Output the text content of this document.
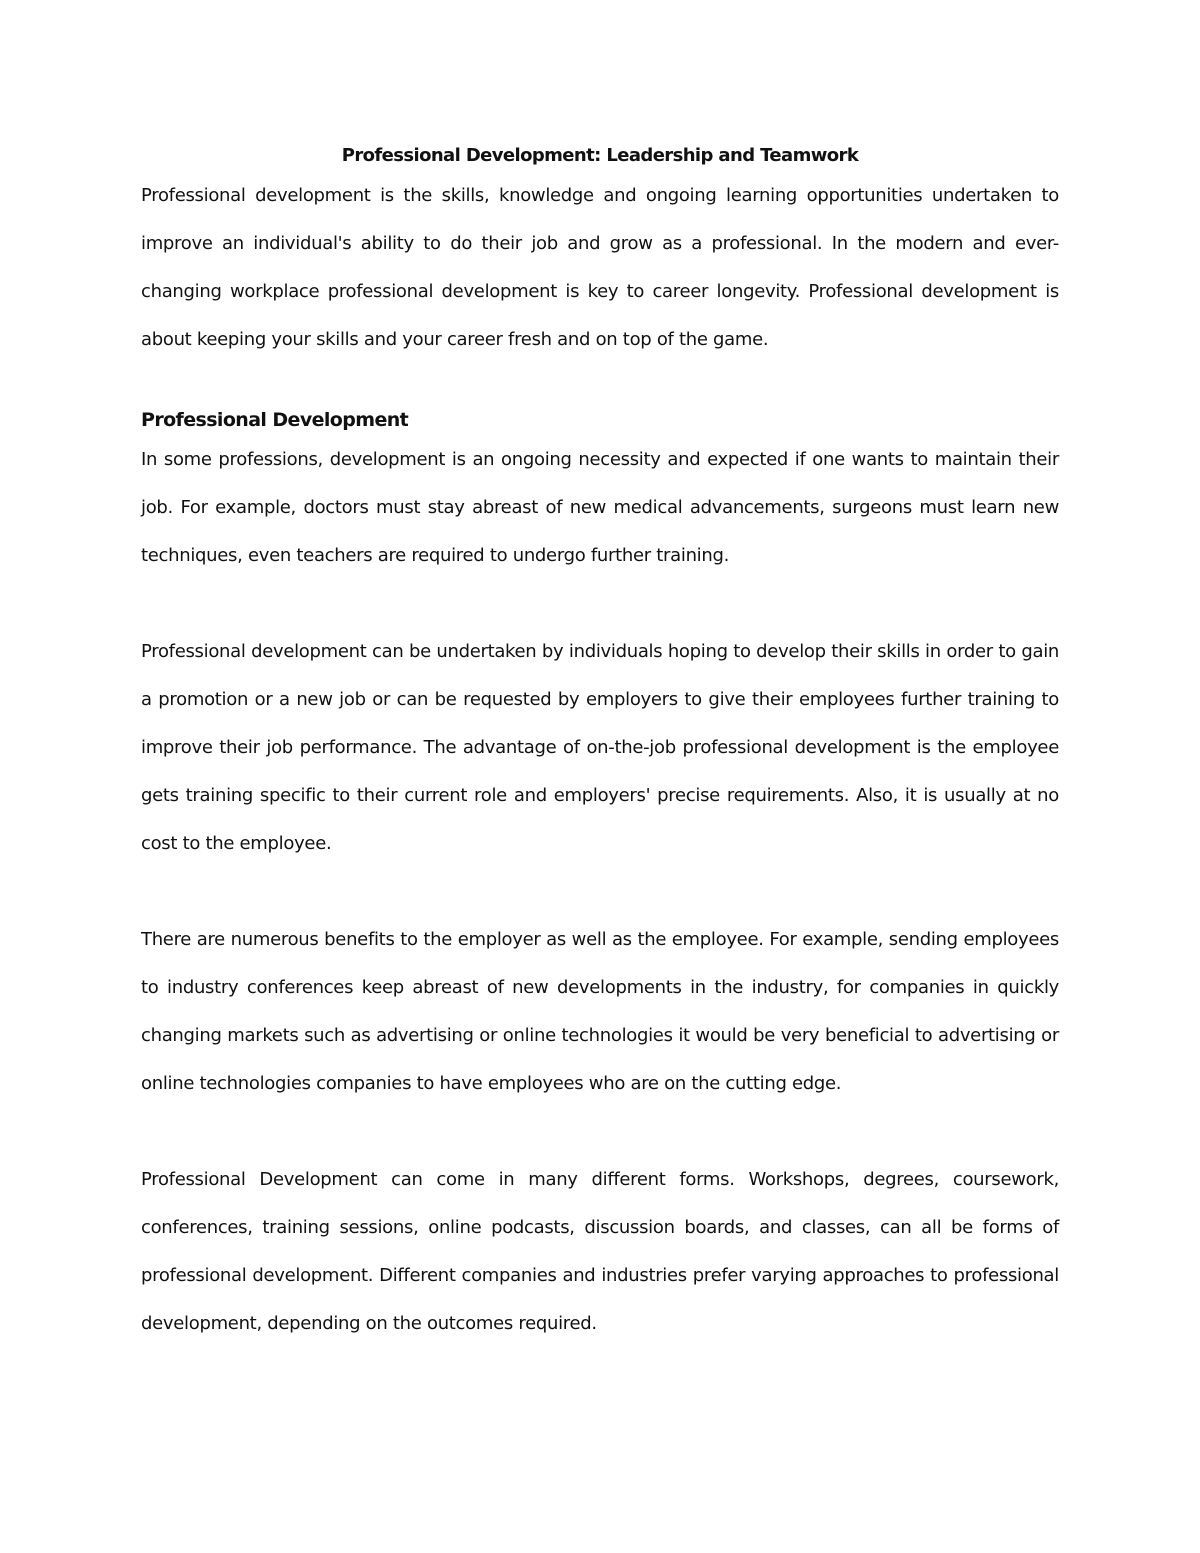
Professional Development: Leadership and Teamwork

Professional development is the skills, knowledge and ongoing learning opportunities undertaken to improve an individual's ability to do their job and grow as a professional. In the modern and ever-changing workplace professional development is key to career longevity. Professional development is about keeping your skills and your career fresh and on top of the game.

Professional Development

In some professions, development is an ongoing necessity and expected if one wants to maintain their job. For example, doctors must stay abreast of new medical advancements, surgeons must learn new techniques, even teachers are required to undergo further training.

Professional development can be undertaken by individuals hoping to develop their skills in order to gain a promotion or a new job or can be requested by employers to give their employees further training to improve their job performance. The advantage of on-the-job professional development is the employee gets training specific to their current role and employers' precise requirements. Also, it is usually at no cost to the employee.

There are numerous benefits to the employer as well as the employee. For example, sending employees to industry conferences keep abreast of new developments in the industry, for companies in quickly changing markets such as advertising or online technologies it would be very beneficial to advertising or online technologies companies to have employees who are on the cutting edge.

Professional Development can come in many different forms. Workshops, degrees, coursework, conferences, training sessions, online podcasts, discussion boards, and classes, can all be forms of professional development. Different companies and industries prefer varying approaches to professional development, depending on the outcomes required.
